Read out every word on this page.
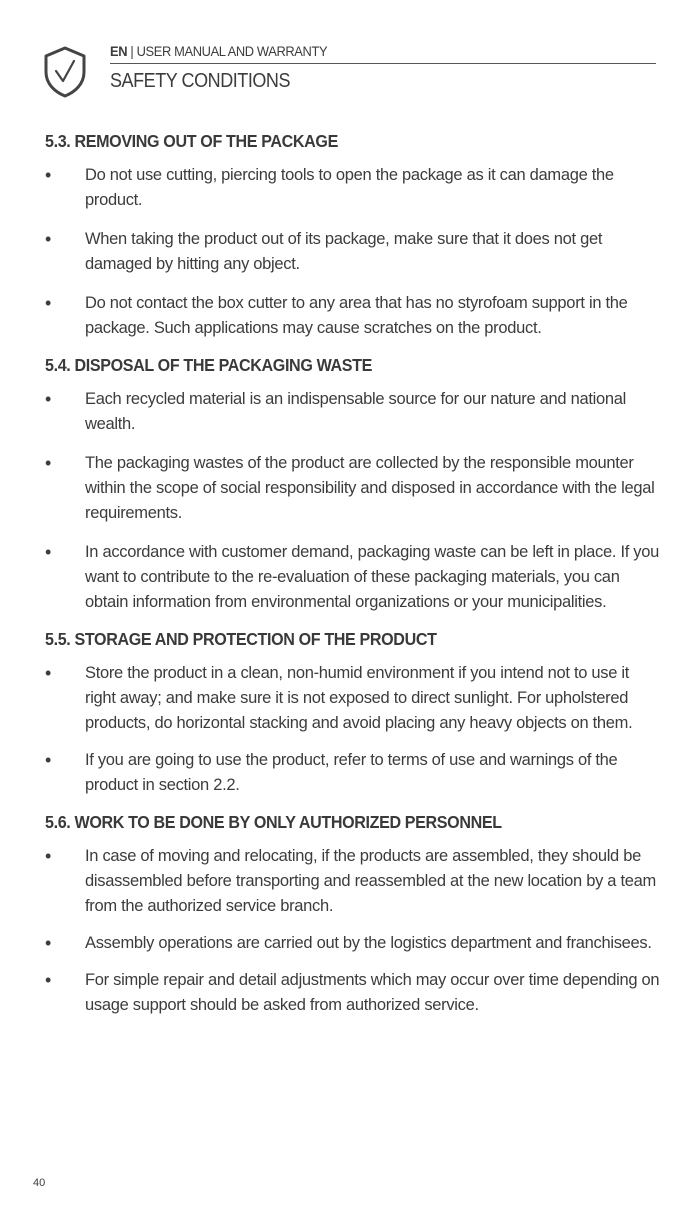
EN | USER MANUAL AND WARRANTY
SAFETY CONDITIONS
5.3. REMOVING OUT OF THE PACKAGE
• Do not use cutting, piercing tools to open the package as it can damage the product.
• When taking the product out of its package, make sure that it does not get damaged by hitting any object.
• Do not contact the box cutter to any area that has no styrofoam support in the package. Such applications may cause scratches on the product.
5.4. DISPOSAL OF THE PACKAGING WASTE
• Each recycled material is an indispensable source for our nature and national wealth.
• The packaging wastes of the product are collected by the responsible mounter within the scope of social responsibility and disposed in accordance with the legal requirements.
• In accordance with customer demand, packaging waste can be left in place. If you want to contribute to the re-evaluation of these packaging materials, you can obtain information from environmental organizations or your municipalities.
5.5. STORAGE AND PROTECTION OF THE PRODUCT
• Store the product in a clean, non-humid environment if you intend not to use it right away; and make sure it is not exposed to direct sunlight. For upholstered products, do horizontal stacking and avoid placing any heavy objects on them.
• If you are going to use the product, refer to terms of use and warnings of the product in section 2.2.
5.6. WORK TO BE DONE BY ONLY AUTHORIZED PERSONNEL
• In case of moving and relocating, if the products are assembled, they should be disassembled before transporting and reassembled at the new location by a team from the authorized service branch.
• Assembly operations are carried out by the logistics department and franchisees.
• For simple repair and detail adjustments which may occur over time depending on usage support should be asked from authorized service.
40
